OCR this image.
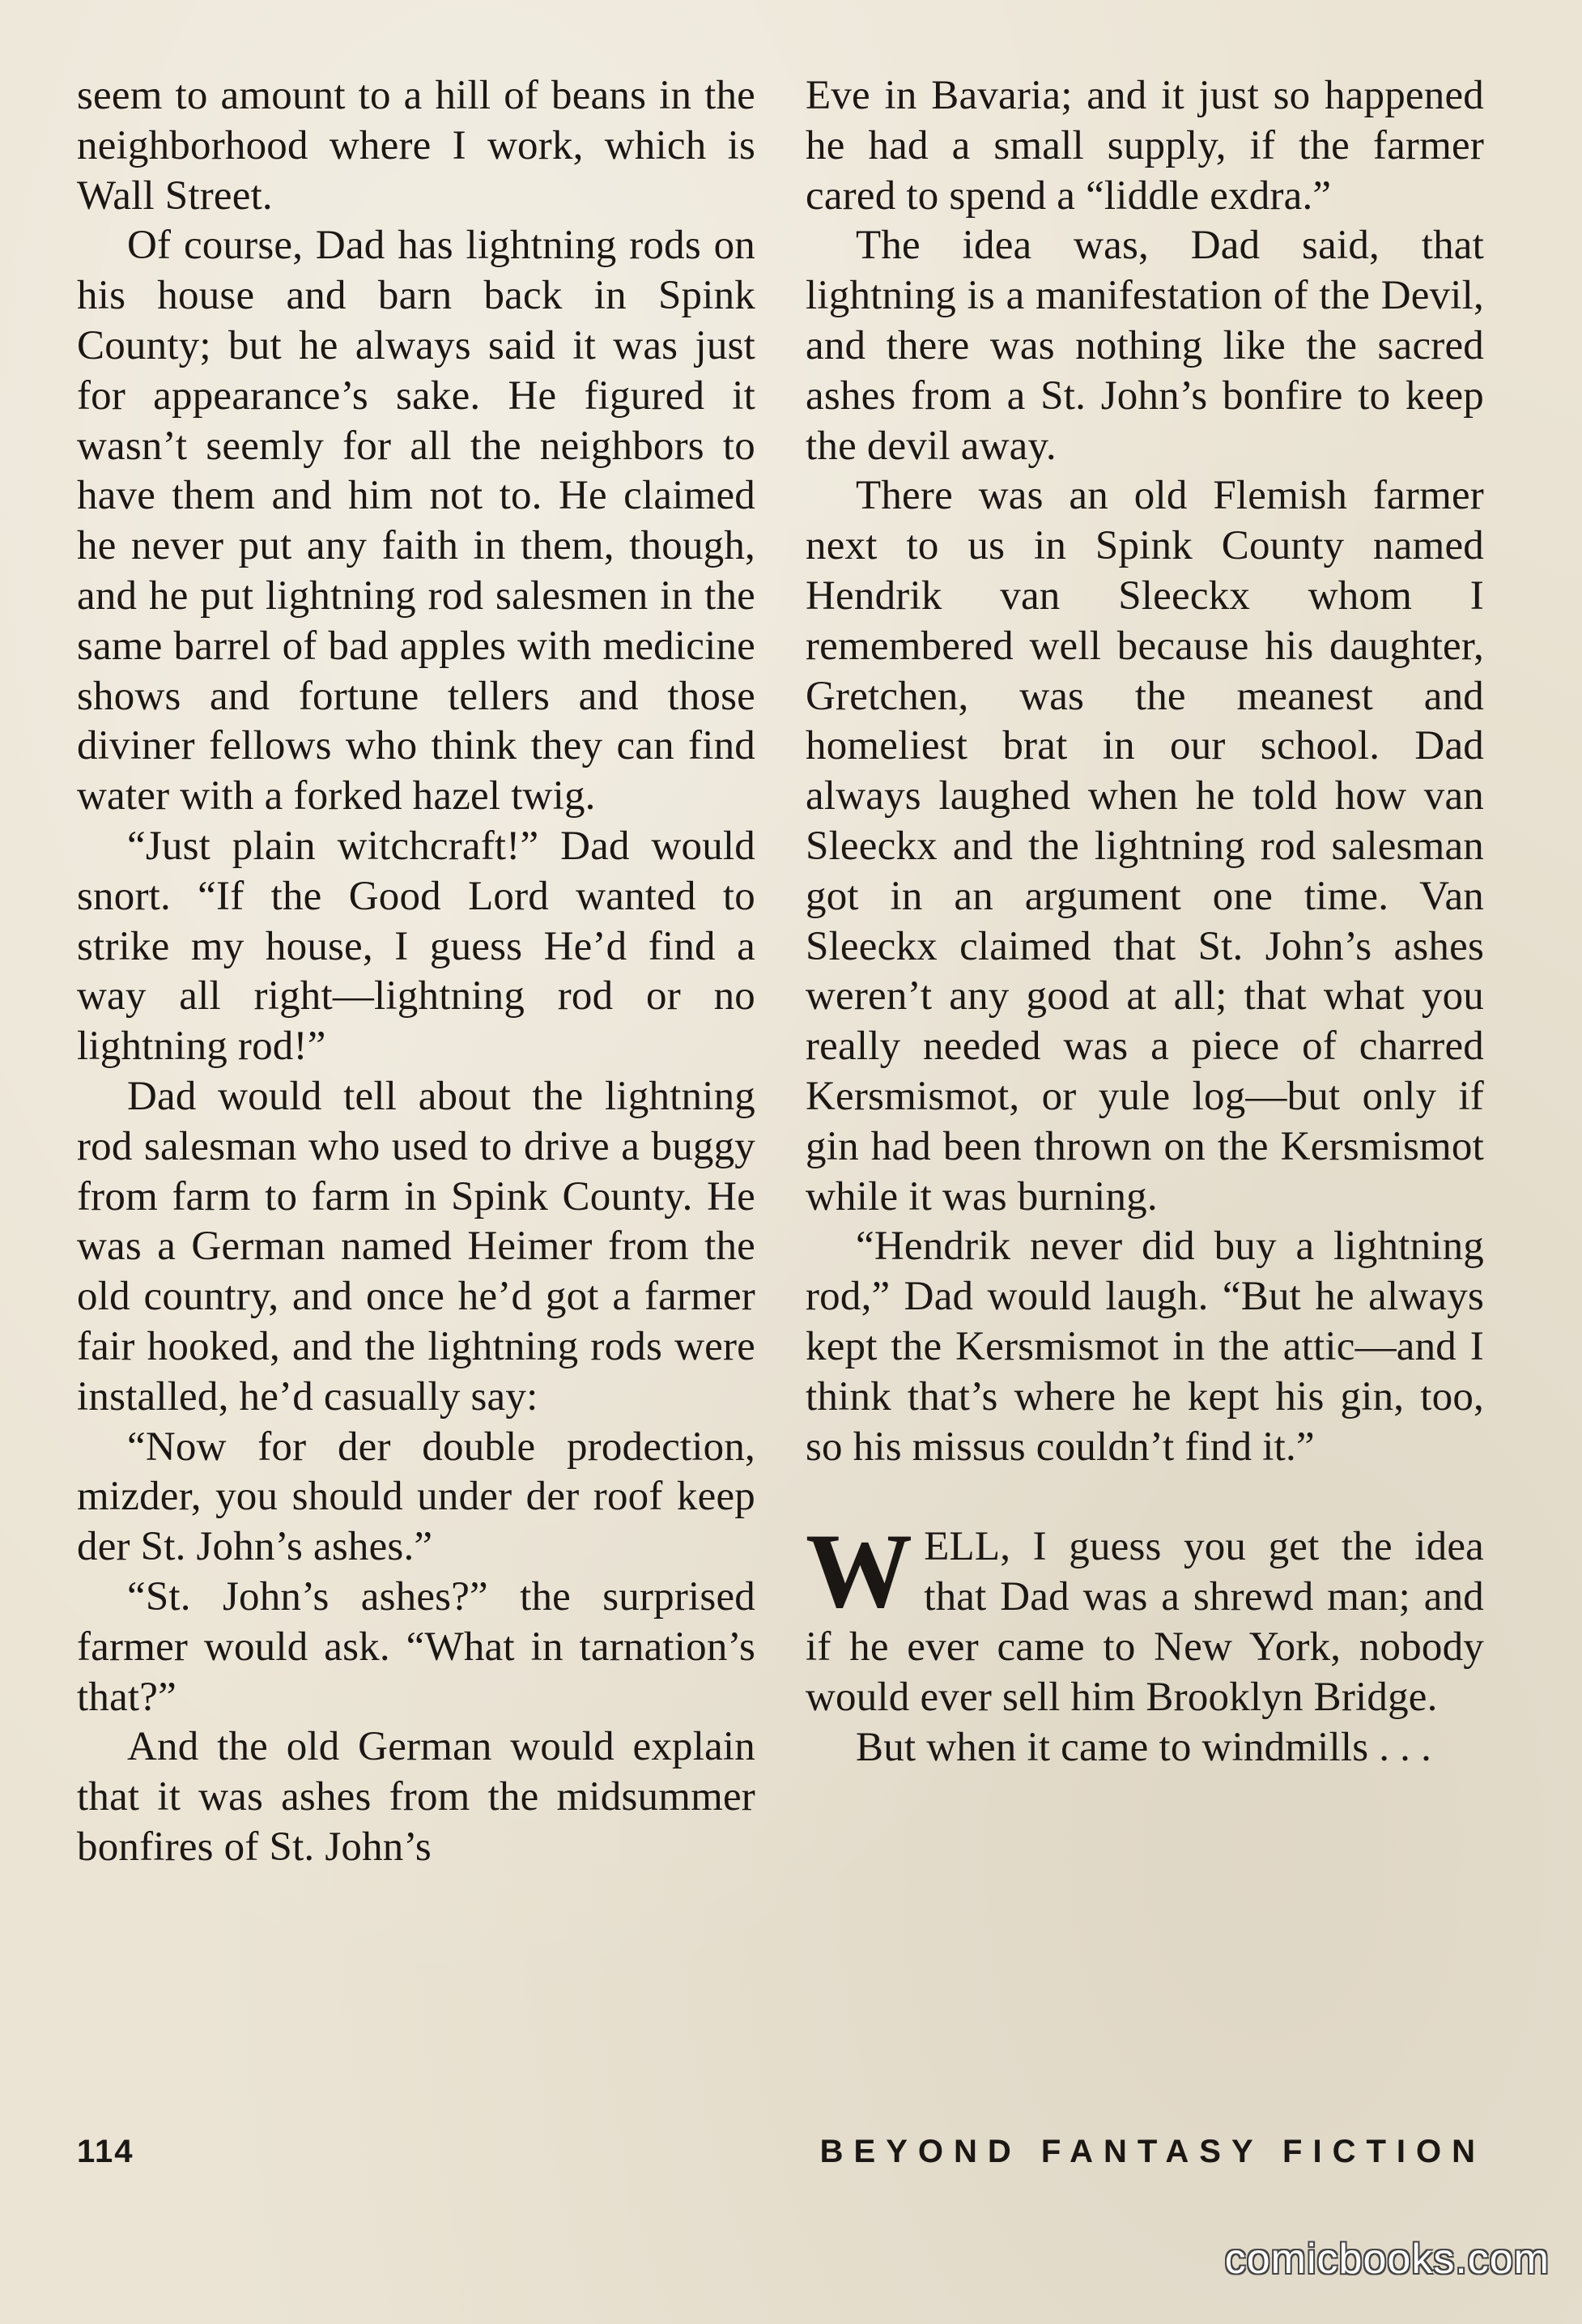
seem to amount to a hill of beans in the neighborhood where I work, which is Wall Street.

Of course, Dad has lightning rods on his house and barn back in Spink County; but he always said it was just for appearance’s sake. He figured it wasn’t seemly for all the neighbors to have them and him not to. He claimed he never put any faith in them, though, and he put lightning rod salesmen in the same barrel of bad apples with medicine shows and fortune tellers and those diviner fellows who think they can find water with a forked hazel twig.

“Just plain witchcraft!” Dad would snort. “If the Good Lord wanted to strike my house, I guess He’d find a way all right—lightning rod or no lightning rod!”

Dad would tell about the lightning rod salesman who used to drive a buggy from farm to farm in Spink County. He was a German named Heimer from the old country, and once he’d got a farmer fair hooked, and the lightning rods were installed, he’d casually say:

“Now for der double prodection, mizder, you should under der roof keep der St. John’s ashes.”

“St. John’s ashes?” the surprised farmer would ask. “What in tarnation’s that?”

And the old German would explain that it was ashes from the midsummer bonfires of St. John’s

Eve in Bavaria; and it just so happened he had a small supply, if the farmer cared to spend a “liddle exdra.”

The idea was, Dad said, that lightning is a manifestation of the Devil, and there was nothing like the sacred ashes from a St. John’s bonfire to keep the devil away.

There was an old Flemish farmer next to us in Spink County named Hendrik van Sleeckx whom I remembered well because his daughter, Gretchen, was the meanest and homeliest brat in our school. Dad always laughed when he told how van Sleeckx and the lightning rod salesman got in an argument one time. Van Sleeckx claimed that St. John’s ashes weren’t any good at all; that what you really needed was a piece of charred Kersmismot, or yule log—but only if gin had been thrown on the Kersmismot while it was burning.

“Hendrik never did buy a lightning rod,” Dad would laugh. “But he always kept the Kersmismot in the attic—and I think that’s where he kept his gin, too, so his missus couldn’t find it.”

WELL, I guess you get the idea that Dad was a shrewd man; and if he ever came to New York, nobody would ever sell him Brooklyn Bridge.

But when it came to windmills . . .

114	BEYOND FANTASY FICTION
comicbooks.com
